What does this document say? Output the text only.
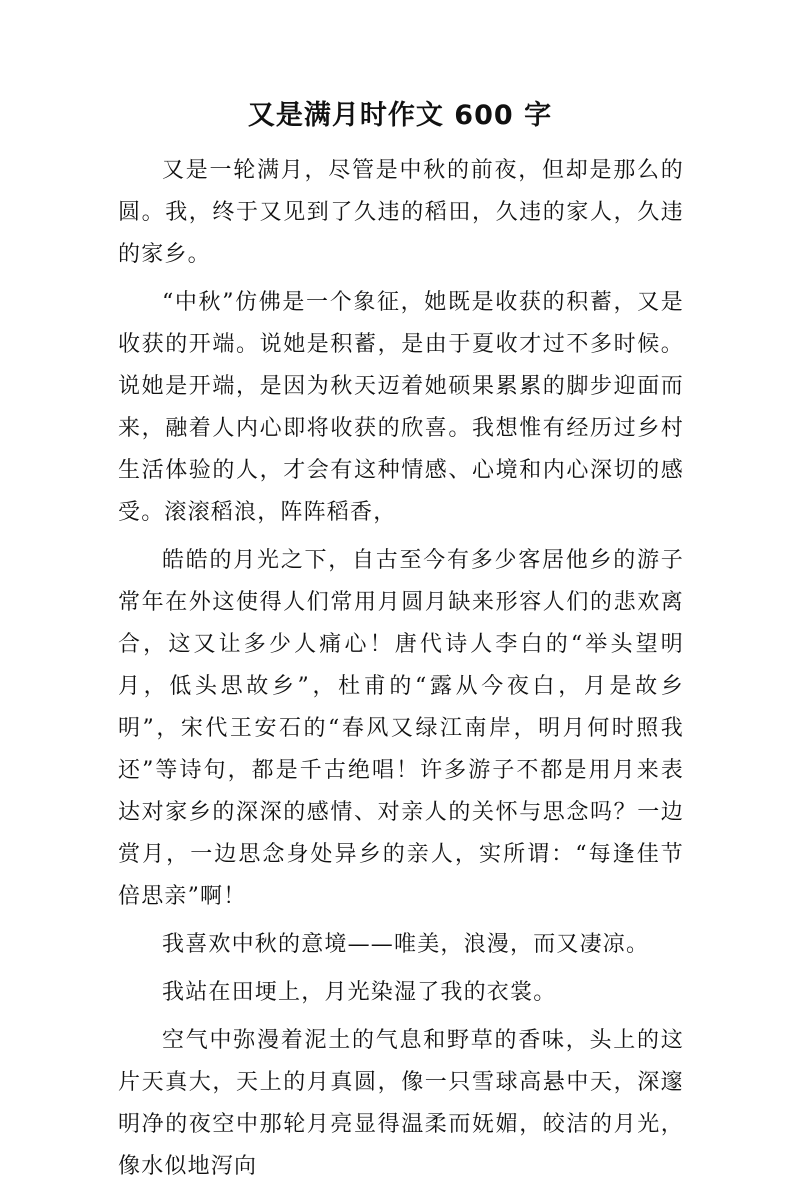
又是满月时作文 600 字

又是一轮满月，尽管是中秋的前夜，但却是那么的圆。我，终于又见到了久违的稻田，久违的家人，久违的家乡。

“中秋”仿佛是一个象征，她既是收获的积蓄，又是收获的开端。说她是积蓄，是由于夏收才过不多时候。说她是开端，是因为秋天迈着她硕果累累的脚步迎面而来，融着人内心即将收获的欣喜。我想惟有经历过乡村生活体验的人，才会有这种情感、心境和内心深切的感受。滚滚稻浪，阵阵稻香，

皓皓的月光之下，自古至今有多少客居他乡的游子常年在外这使得人们常用月圆月缺来形容人们的悲欢离合，这又让多少人痛心！唐代诗人李白的“举头望明月，低头思故乡”，杜甫的“露从今夜白，月是故乡明”，宋代王安石的“春风又绿江南岸，明月何时照我还”等诗句，都是千古绝唱！许多游子不都是用月来表达对家乡的深深的感情、对亲人的关怀与思念吗？一边赏月，一边思念身处异乡的亲人，实所谓：“每逢佳节倍思亲”啊！

我喜欢中秋的意境——唯美，浪漫，而又凄凉。

我站在田埂上，月光染湿了我的衣裳。

空气中弥漫着泥土的气息和野草的香味，头上的这片天真大，天上的月真圆，像一只雪球高悬中天，深邃明净的夜空中那轮月亮显得温柔而妩媚，皎洁的月光，像水似地泻向
